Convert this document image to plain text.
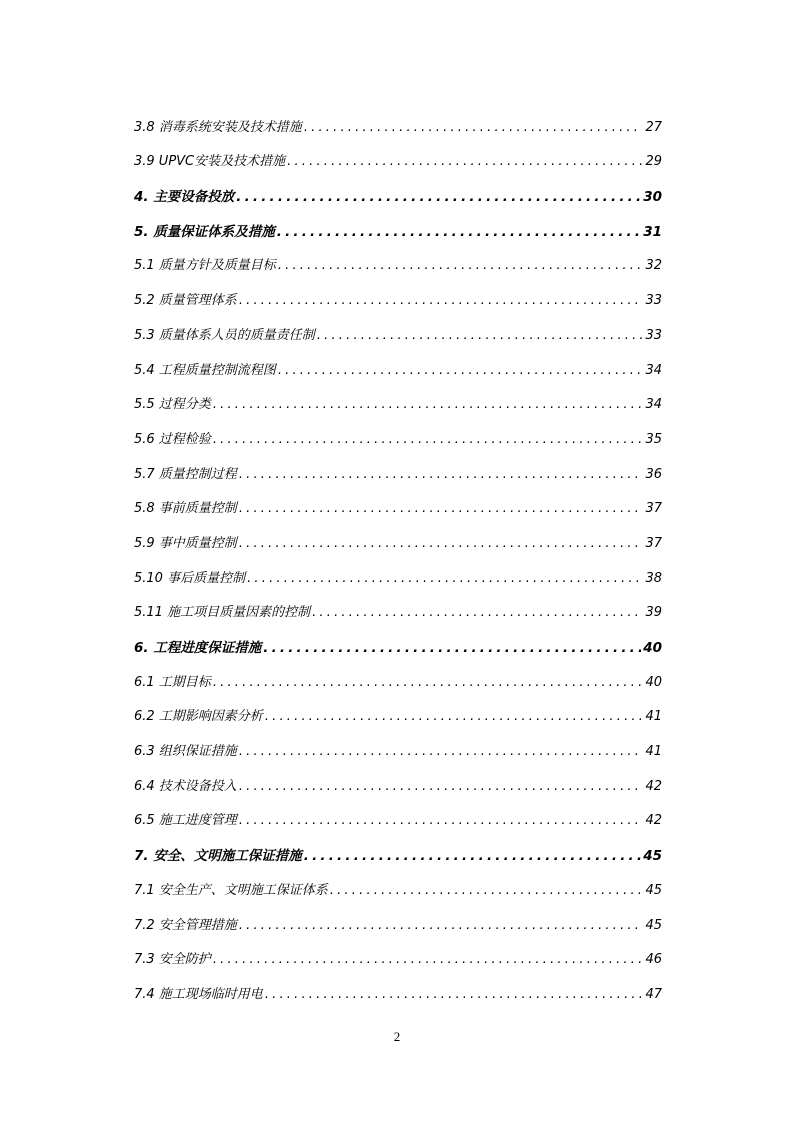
3.8 消毒系统安装及技术措施 .....	27
3.9 UPVC安装及技术措施 .....	29
4. 主要设备投放 .....	30
5. 质量保证体系及措施 .....	31
5.1 质量方针及质量目标 .....	32
5.2 质量管理体系 .....	33
5.3 质量体系人员的质量责任制 .....	33
5.4 工程质量控制流程图 .....	34
5.5 过程分类 .....	34
5.6 过程检验 .....	35
5.7 质量控制过程 .....	36
5.8 事前质量控制 .....	37
5.9 事中质量控制 .....	37
5.10 事后质量控制 .....	38
5.11 施工项目质量因素的控制 .....	39
6. 工程进度保证措施 .....	40
6.1 工期目标 .....	40
6.2 工期影响因素分析 .....	41
6.3 组织保证措施 .....	41
6.4 技术设备投入 .....	42
6.5 施工进度管理 .....	42
7. 安全、文明施工保证措施 .....	45
7.1 安全生产、文明施工保证体系 .....	45
7.2 安全管理措施 .....	45
7.3 安全防护 .....	46
7.4 施工现场临时用电 .....	47
2
